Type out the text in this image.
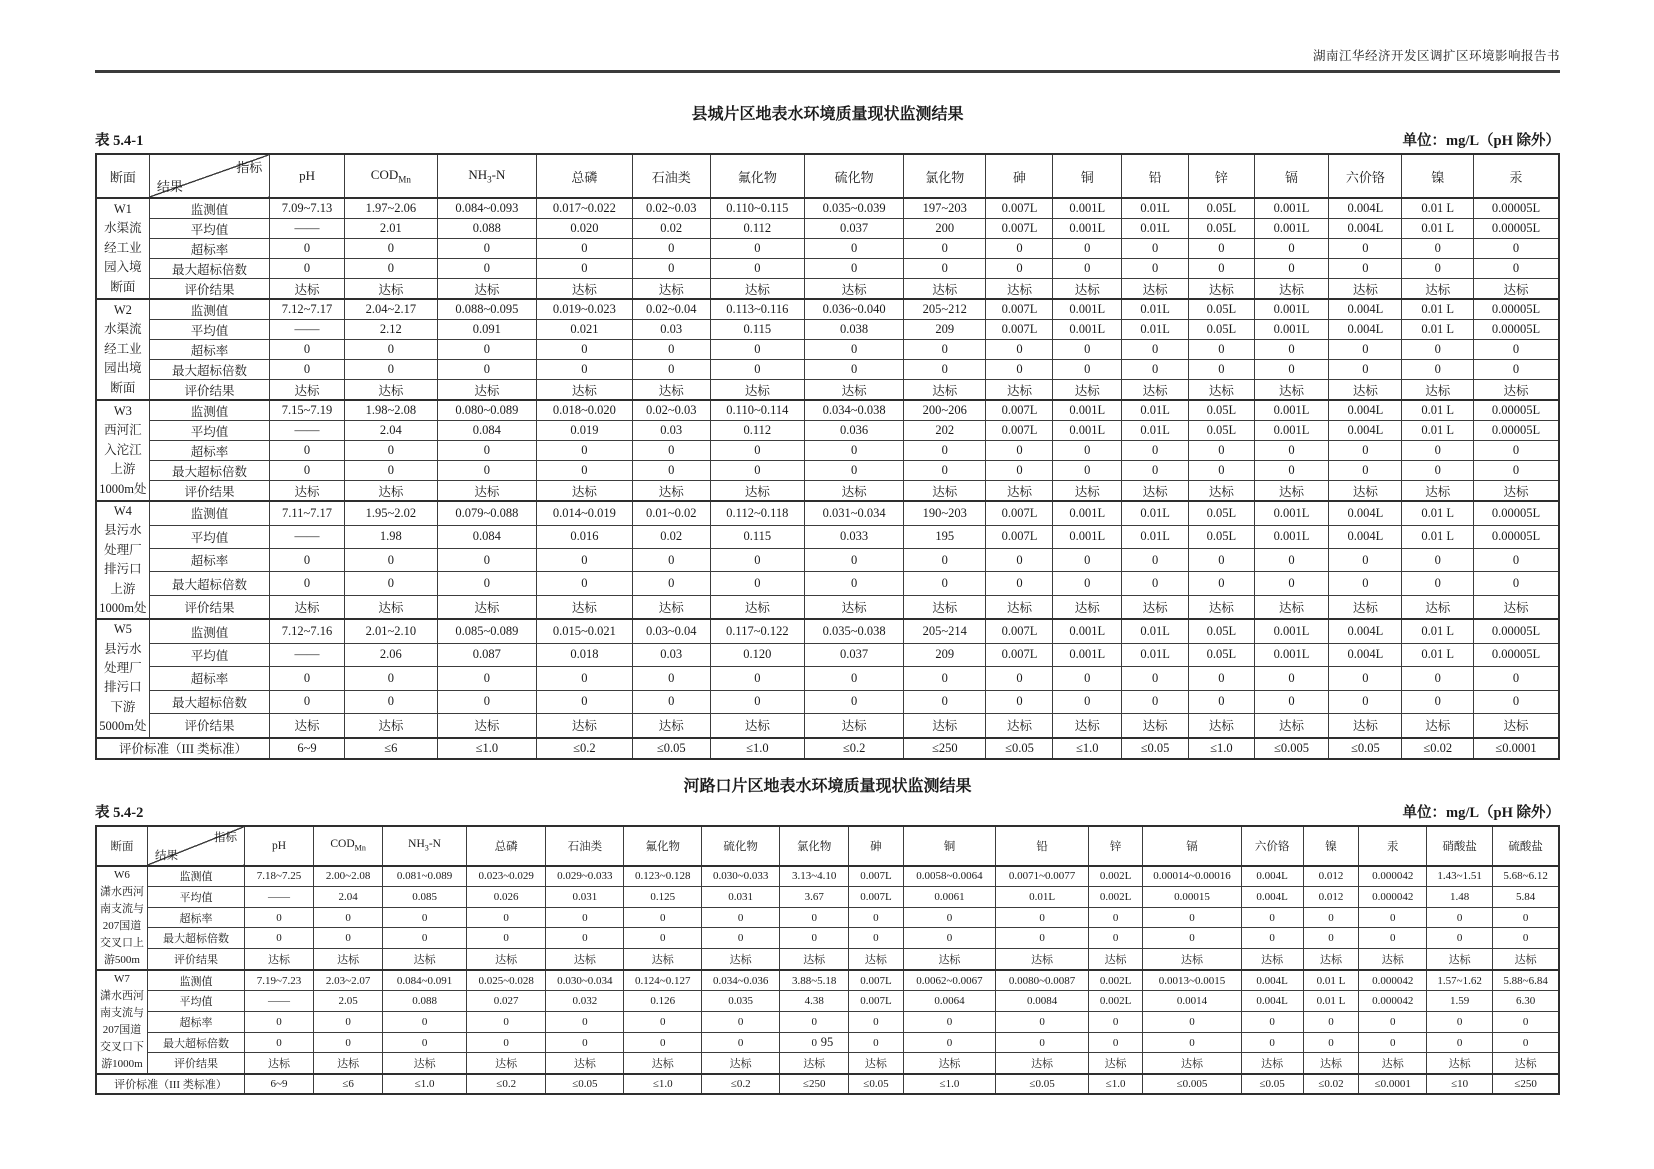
湖南江华经济开发区调扩区环境影响报告书
县城片区地表水环境质量现状监测结果
表 5.4-1	单位：mg/L（pH 除外）
断面	指标
结果	pH	$COD_{Mn}$	$NH_3-N$	总磷	石油类	氟化物	硫化物	氯化物	砷	铜	铅	锌	镉	六价铬	镍	汞

W1
水渠流经工业园入境断面	监测值	7.09~7.13	1.97~2.06	0.084~0.093	0.017~0.022	0.02~0.03	0.110~0.115	0.035~0.039	197~203	0.007L	0.001L	0.01L	0.05L	0.001L	0.004L	0.01 L	0.00005L
	平均值	——	2.01	0.088	0.020	0.02	0.112	0.037	200	0.007L	0.001L	0.01L	0.05L	0.001L	0.004L	0.01 L	0.00005L
	超标率	0	0	0	0	0	0	0	0	0	0	0	0	0	0	0	0
	最大超标倍数	0	0	0	0	0	0	0	0	0	0	0	0	0	0	0	0
	评价结果	达标	达标	达标	达标	达标	达标	达标	达标	达标	达标	达标	达标	达标	达标	达标	达标

W2
水渠流经工业园出境断面	监测值	7.12~7.17	2.04~2.17	0.088~0.095	0.019~0.023	0.02~0.04	0.113~0.116	0.036~0.040	205~212	0.007L	0.001L	0.01L	0.05L	0.001L	0.004L	0.01 L	0.00005L
	平均值	——	2.12	0.091	0.021	0.03	0.115	0.038	209	0.007L	0.001L	0.01L	0.05L	0.001L	0.004L	0.01 L	0.00005L
	超标率	0	0	0	0	0	0	0	0	0	0	0	0	0	0	0	0
	最大超标倍数	0	0	0	0	0	0	0	0	0	0	0	0	0	0	0	0
	评价结果	达标	达标	达标	达标	达标	达标	达标	达标	达标	达标	达标	达标	达标	达标	达标	达标

W3
西河汇入沱江上游1000m处	监测值	7.15~7.19	1.98~2.08	0.080~0.089	0.018~0.020	0.02~0.03	0.110~0.114	0.034~0.038	200~206	0.007L	0.001L	0.01L	0.05L	0.001L	0.004L	0.01 L	0.00005L
	平均值	——	2.04	0.084	0.019	0.03	0.112	0.036	202	0.007L	0.001L	0.01L	0.05L	0.001L	0.004L	0.01 L	0.00005L
	超标率	0	0	0	0	0	0	0	0	0	0	0	0	0	0	0	0
	最大超标倍数	0	0	0	0	0	0	0	0	0	0	0	0	0	0	0	0
	评价结果	达标	达标	达标	达标	达标	达标	达标	达标	达标	达标	达标	达标	达标	达标	达标	达标

W4
县污水处理厂排污口上游1000m处	监测值	7.11~7.17	1.95~2.02	0.079~0.088	0.014~0.019	0.01~0.02	0.112~0.118	0.031~0.034	190~203	0.007L	0.001L	0.01L	0.05L	0.001L	0.004L	0.01 L	0.00005L
	平均值	——	1.98	0.084	0.016	0.02	0.115	0.033	195	0.007L	0.001L	0.01L	0.05L	0.001L	0.004L	0.01 L	0.00005L
	超标率	0	0	0	0	0	0	0	0	0	0	0	0	0	0	0	0
	最大超标倍数	0	0	0	0	0	0	0	0	0	0	0	0	0	0	0	0
	评价结果	达标	达标	达标	达标	达标	达标	达标	达标	达标	达标	达标	达标	达标	达标	达标	达标

W5
县污水处理厂排污口下游5000m处	监测值	7.12~7.16	2.01~2.10	0.085~0.089	0.015~0.021	0.03~0.04	0.117~0.122	0.035~0.038	205~214	0.007L	0.001L	0.01L	0.05L	0.001L	0.004L	0.01 L	0.00005L
	平均值	——	2.06	0.087	0.018	0.03	0.120	0.037	209	0.007L	0.001L	0.01L	0.05L	0.001L	0.004L	0.01 L	0.00005L
	超标率	0	0	0	0	0	0	0	0	0	0	0	0	0	0	0	0
	最大超标倍数	0	0	0	0	0	0	0	0	0	0	0	0	0	0	0	0
	评价结果	达标	达标	达标	达标	达标	达标	达标	达标	达标	达标	达标	达标	达标	达标	达标	达标
评价标准（III 类标准）		6~9	≤6	≤1.0	≤0.2	≤0.05	≤1.0	≤0.2	≤250	≤0.05	≤1.0	≤0.05	≤1.0	≤0.005	≤0.05	≤0.02	≤0.0001
河路口片区地表水环境质量现状监测结果
表 5.4-2	单位：mg/L（pH 除外）
断面	指标
结果	pH	$COD_{Mn}$	$NH_3-N$	总磷	石油类	氟化物	硫化物	氯化物	砷	铜	铅	锌	镉	六价铬	镍	汞	硝酸盐	硫酸盐

W6
潇水西河南支流与207国道交叉口上游500m	监测值	7.18~7.25	2.00~2.08	0.081~0.089	0.023~0.029	0.029~0.033	0.123~0.128	0.030~0.033	3.13~4.10	0.007L	0.0058~0.0064	0.0071~0.0077	0.002L	0.00014~0.00016	0.004L	0.012	0.000042	1.43~1.51	5.68~6.12
	平均值	——	2.04	0.085	0.026	0.031	0.125	0.031	3.67	0.007L	0.0061	0.01L	0.002L	0.00015	0.004L	0.012	0.000042	1.48	5.84
	超标率	0	0	0	0	0	0	0	0	0	0	0	0	0	0	0	0	0	0
	最大超标倍数	0	0	0	0	0	0	0	0	0	0	0	0	0	0	0	0	0	0
	评价结果	达标	达标	达标	达标	达标	达标	达标	达标	达标	达标	达标	达标	达标	达标	达标	达标	达标	达标

W7
潇水西河南支流与207国道交叉口下游1000m	监测值	7.19~7.23	2.03~2.07	0.084~0.091	0.025~0.028	0.030~0.034	0.124~0.127	0.034~0.036	3.88~5.18	0.007L	0.0062~0.0067	0.0080~0.0087	0.002L	0.0013~0.0015	0.004L	0.01 L	0.000042	1.57~1.62	5.88~6.84
	平均值	——	2.05	0.088	0.027	0.032	0.126	0.035	4.38	0.007L	0.0064	0.0084	0.002L	0.0014	0.004L	0.01 L	0.000042	1.59	6.30
	超标率	0	0	0	0	0	0	0	0	0	0	0	0	0	0	0	0	0	0
	最大超标倍数	0	0	0	0	0	0	0	0	0	0	0	0	0	0	0	0	0	0
	评价结果	达标	达标	达标	达标	达标	达标	达标	达标	达标	达标	达标	达标	达标	达标	达标	达标	达标	达标
评价标准（III 类标准）		6~9	≤6	≤1.0	≤0.2	≤0.05	≤1.0	≤0.2	≤250	≤0.05	≤1.0	≤0.05	≤1.0	≤0.005	≤0.05	≤0.02	≤0.0001	≤10	≤250
95
